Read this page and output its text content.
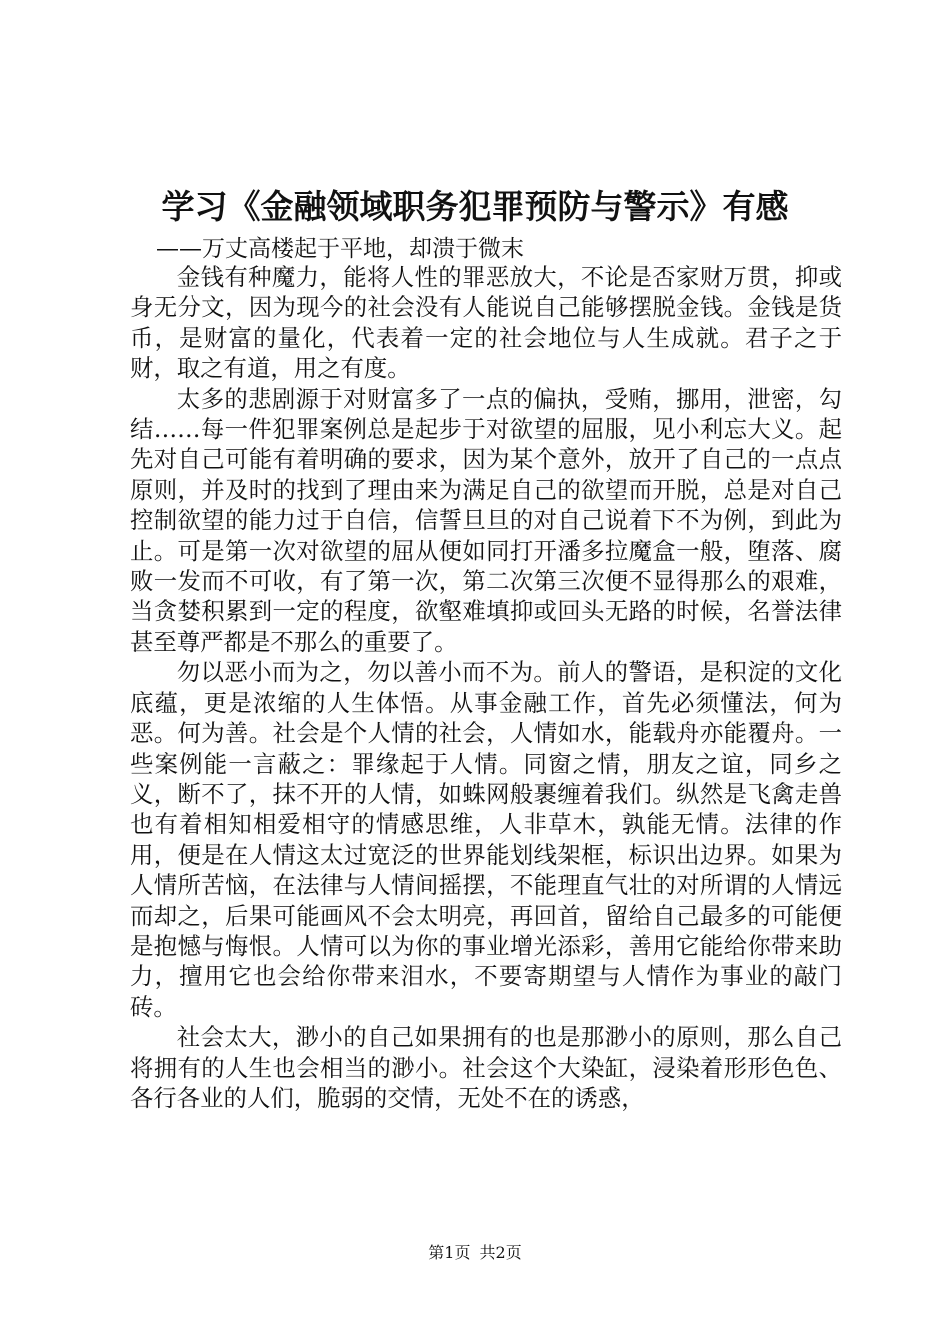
学习《金融领域职务犯罪预防与警示》有感

——万丈高楼起于平地，却溃于微末

金钱有种魔力，能将人性的罪恶放大，不论是否家财万贯，抑或身无分文，因为现今的社会没有人能说自己能够摆脱金钱。金钱是货币，是财富的量化，代表着一定的社会地位与人生成就。君子之于财，取之有道，用之有度。

太多的悲剧源于对财富多了一点的偏执，受贿，挪用，泄密，勾结……每一件犯罪案例总是起步于对欲望的屈服，见小利忘大义。起先对自己可能有着明确的要求，因为某个意外，放开了自己的一点点原则，并及时的找到了理由来为满足自己的欲望而开脱，总是对自己控制欲望的能力过于自信，信誓旦旦的对自己说着下不为例，到此为止。可是第一次对欲望的屈从便如同打开潘多拉魔盒一般，堕落、腐败一发而不可收，有了第一次，第二次第三次便不显得那么的艰难，当贪婪积累到一定的程度，欲壑难填抑或回头无路的时候，名誉法律甚至尊严都是不那么的重要了。

勿以恶小而为之，勿以善小而不为。前人的警语，是积淀的文化底蕴，更是浓缩的人生体悟。从事金融工作，首先必须懂法，何为恶。何为善。社会是个人情的社会，人情如水，能载舟亦能覆舟。一些案例能一言蔽之：罪缘起于人情。同窗之情，朋友之谊，同乡之义，断不了，抹不开的人情，如蛛网般裹缠着我们。纵然是飞禽走兽也有着相知相爱相守的情感思维，人非草木，孰能无情。法律的作用，便是在人情这太过宽泛的世界能划线架框，标识出边界。如果为人情所苦恼，在法律与人情间摇摆，不能理直气壮的对所谓的人情远而却之，后果可能画风不会太明亮，再回首，留给自己最多的可能便是抱憾与悔恨。人情可以为你的事业增光添彩，善用它能给你带来助力，擅用它也会给你带来泪水，不要寄期望与人情作为事业的敲门砖。

社会太大，渺小的自己如果拥有的也是那渺小的原则，那么自己将拥有的人生也会相当的渺小。社会这个大染缸，浸染着形形色色、各行各业的人们，脆弱的交情，无处不在的诱惑，

第1页 共2页
